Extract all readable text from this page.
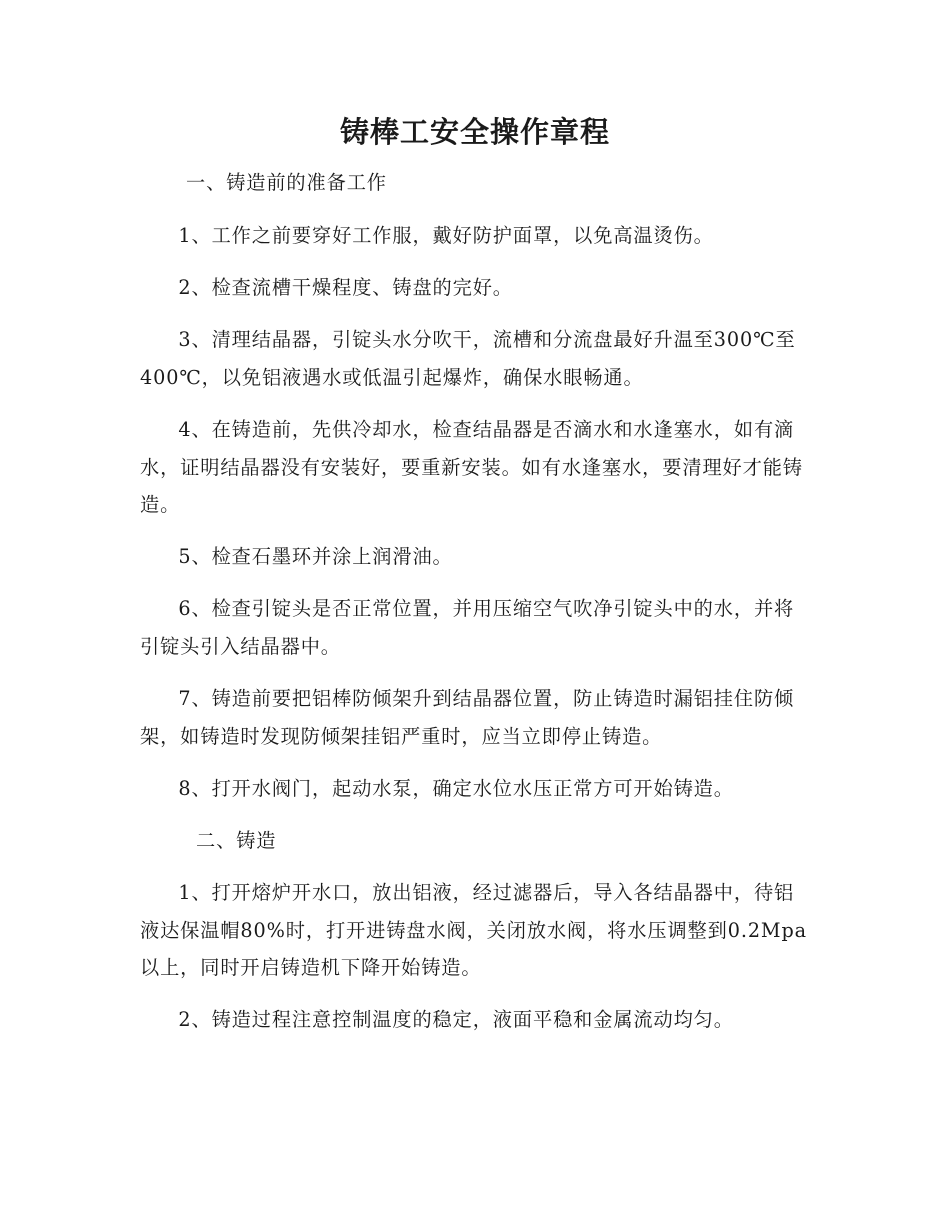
铸棒工安全操作章程

一、铸造前的准备工作

1、工作之前要穿好工作服，戴好防护面罩，以免高温烫伤。

2、检查流槽干燥程度、铸盘的完好。

3、清理结晶器，引锭头水分吹干，流槽和分流盘最好升温至300℃至400℃，以免铝液遇水或低温引起爆炸，确保水眼畅通。

4、在铸造前，先供冷却水，检查结晶器是否滴水和水逢塞水，如有滴水，证明结晶器没有安装好，要重新安装。如有水逢塞水，要清理好才能铸造。

5、检查石墨环并涂上润滑油。

6、检查引锭头是否正常位置，并用压缩空气吹净引锭头中的水，并将引锭头引入结晶器中。

7、铸造前要把铝棒防倾架升到结晶器位置，防止铸造时漏铝挂住防倾架，如铸造时发现防倾架挂铝严重时，应当立即停止铸造。

8、打开水阀门，起动水泵，确定水位水压正常方可开始铸造。

二、铸造

1、打开熔炉开水口，放出铝液，经过滤器后，导入各结晶器中，待铝液达保温帽80%时，打开进铸盘水阀，关闭放水阀，将水压调整到0.2Mpa以上，同时开启铸造机下降开始铸造。

2、铸造过程注意控制温度的稳定，液面平稳和金属流动均匀。
